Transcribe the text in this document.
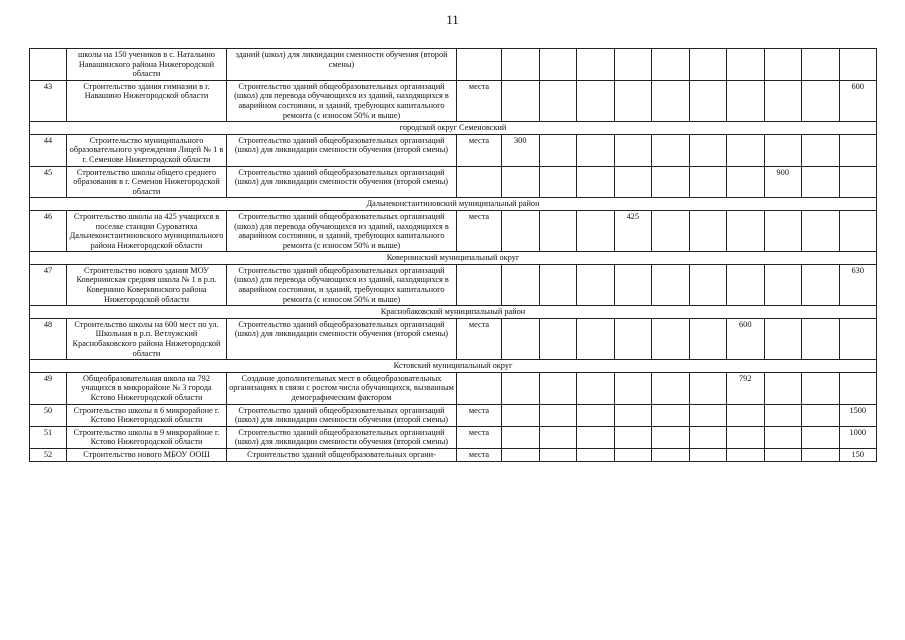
11
	школы на 150 учеников в с. Натальино Навашинского района Нижегородской области	зданий (школ) для ликвидации сменности обучения (второй смены)											
43	Строительство здания гимназии в г. Навашино Нижегородской области	Строительство зданий общеобразовательных организаций (школ) для перевода обучающихся из зданий, находящихся в аварийном состоянии, и зданий, требующих капитального ремонта (с износом 50% и выше)	места										600
городской округ Семеновский													
44	Строительство муниципального образовательного учреждения Лицей № 1 в г. Семенове Нижегородской области	Строительство зданий общеобразовательных организаций (школ) для ликвидации сменности обучения (второй смены)	места	300									
45	Строительство школы общего среднего образования в г. Семенов Нижегородской области	Строительство зданий общеобразовательных организаций (школ) для ликвидации сменности обучения (второй смены)									900		
Дальнеконстантиновский муниципальный район													
46	Строительство школы на 425 учащихся в поселке станции Суроватиха Дальнеконстантиновского муниципального района Нижегородской области	Строительство зданий общеобразовательных организаций (школ) для перевода обучающихся из зданий, находящихся в аварийном состоянии, и зданий, требующих капитального ремонта (с износом 50% и выше)	места				425						
Ковернинский муниципальный округ													
47	Строительство нового здания МОУ Ковернинская средняя школа № 1 в р.п. Ковернино Ковернинского района Нижегородской области	Строительство зданий общеобразовательных организаций (школ) для перевода обучающихся из зданий, находящихся в аварийном состоянии, и зданий, требующих капитального ремонта (с износом 50% и выше)											630
Краснобаковский муниципальный район													
48	Строительство школы на 600 мест по ул. Школьная в р.п. Ветлужский Краснобаковского района Нижегородской области	Строительство зданий общеобразовательных организаций (школ) для ликвидации сменности обучения (второй смены)	места							600			
Кстовский муниципальный округ													
49	Общеобразовательная школа на 792 учащихся в микрорайоне № 3 города Кстово Нижегородской области	Создание дополнительных мест в общеобразовательных организациях в связи с ростом числа обучающихся, вызванным демографическим фактором								792			
50	Строительство школы в 6 микрорайоне г. Кстово Нижегородской области	Строительство зданий общеобразовательных организаций (школ) для ликвидации сменности обучения (второй смены)	места										1500
51	Строительство школы в 9 микрорайоне г. Кстово Нижегородской области	Строительство зданий общеобразовательных организаций (школ) для ликвидации сменности обучения (второй смены)	места										1000
52	Строительство нового МБОУ ООШ	Строительство зданий общеобразовательных органи-	места										150
